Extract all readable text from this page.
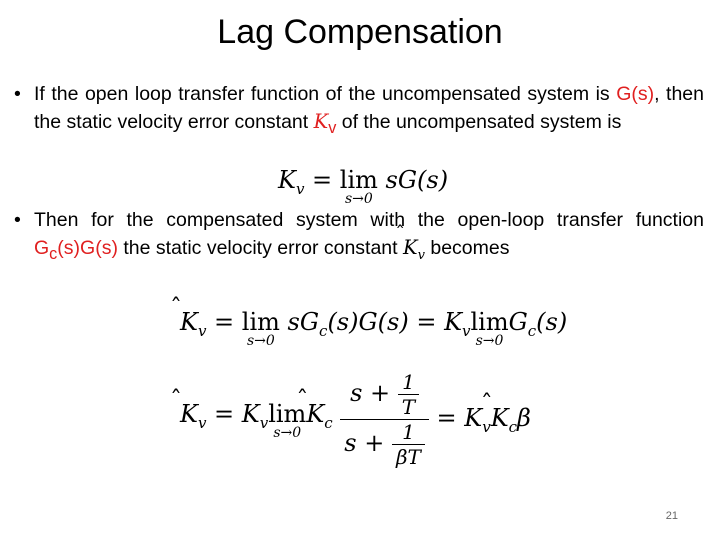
Lag Compensation
• If the open loop transfer function of the uncompensated system is G(s), then the static velocity error constant $K_v$ of the uncompensated system is
$K_v = \lim$
s→0
sG(s)
• Then for the compensated system with the open-loop transfer function $G_c(s)G(s)$ the static velocity error constant ̂ $K_v$ becomes
̂ $K_v = \lim$
s→0
$sG_c(s)G(s) = K_v\lim$
s→0
$G_c(s)$
̂ $K_v = K_v\lim$
s→0
̂ $K_c \frac{s + \frac{1}{T}}{s + \frac{1}{\beta T}}$ = $K_v̂$ $K_c\beta$
21
